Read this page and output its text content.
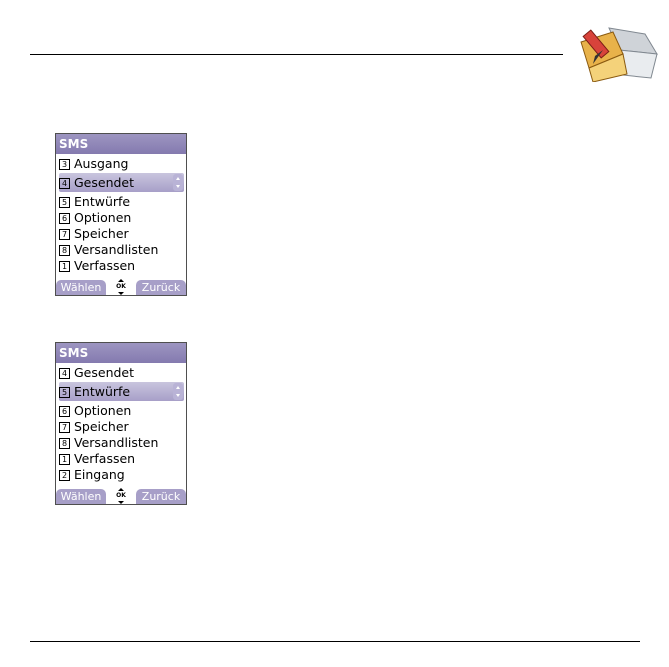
SMS
3 Ausgang
4 Gesendet
5 Entwürfe
6 Optionen
7 Speicher
8 Versandlisten
1 Verfassen
Wählen	OK	Zurück
SMS
4 Gesendet
5 Entwürfe
6 Optionen
7 Speicher
8 Versandlisten
1 Verfassen
2 Eingang
Wählen	OK	Zurück
